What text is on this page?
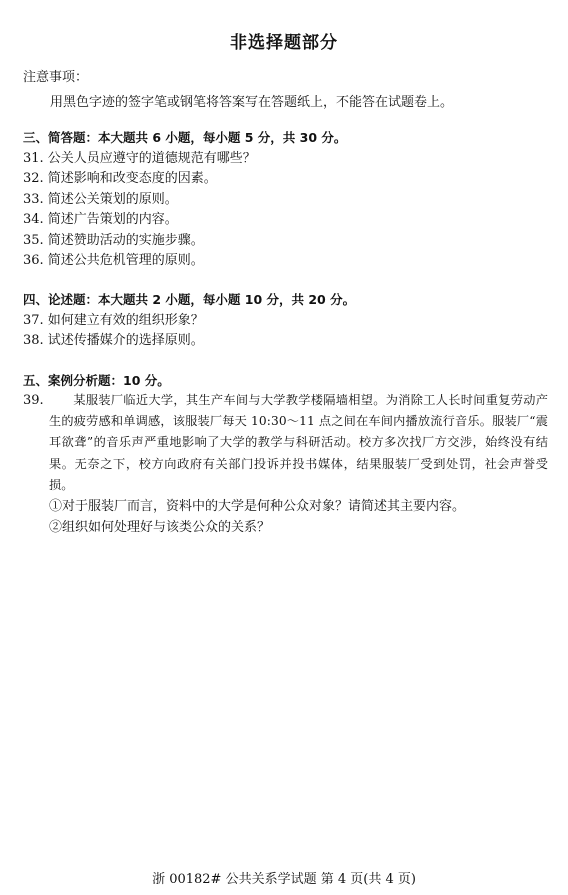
非选择题部分
注意事项：
用黑色字迹的签字笔或钢笔将答案写在答题纸上，不能答在试题卷上。
三、简答题：本大题共 6 小题，每小题 5 分，共 30 分。
31. 公关人员应遵守的道德规范有哪些？
32. 简述影响和改变态度的因素。
33. 简述公关策划的原则。
34. 简述广告策划的内容。
35. 简述赞助活动的实施步骤。
36. 简述公共危机管理的原则。
四、论述题：本大题共 2 小题，每小题 10 分，共 20 分。
37. 如何建立有效的组织形象？
38. 试述传播媒介的选择原则。
五、案例分析题：10 分。
39.	某服装厂临近大学，其生产车间与大学教学楼隔墙相望。为消除工人长时间重复劳动产生的疲劳感和单调感，该服装厂每天 10:30～11 点之间在车间内播放流行音乐。服装厂“震耳欲聋”的音乐声严重地影响了大学的教学与科研活动。校方多次找厂方交涉，始终没有结果。无奈之下，校方向政府有关部门投诉并投书媒体，结果服装厂受到处罚，社会声誉受损。
①对于服装厂而言，资料中的大学是何种公众对象？请简述其主要内容。
②组织如何处理好与该类公众的关系？
浙 00182# 公共关系学试题 第 4 页(共 4 页)
